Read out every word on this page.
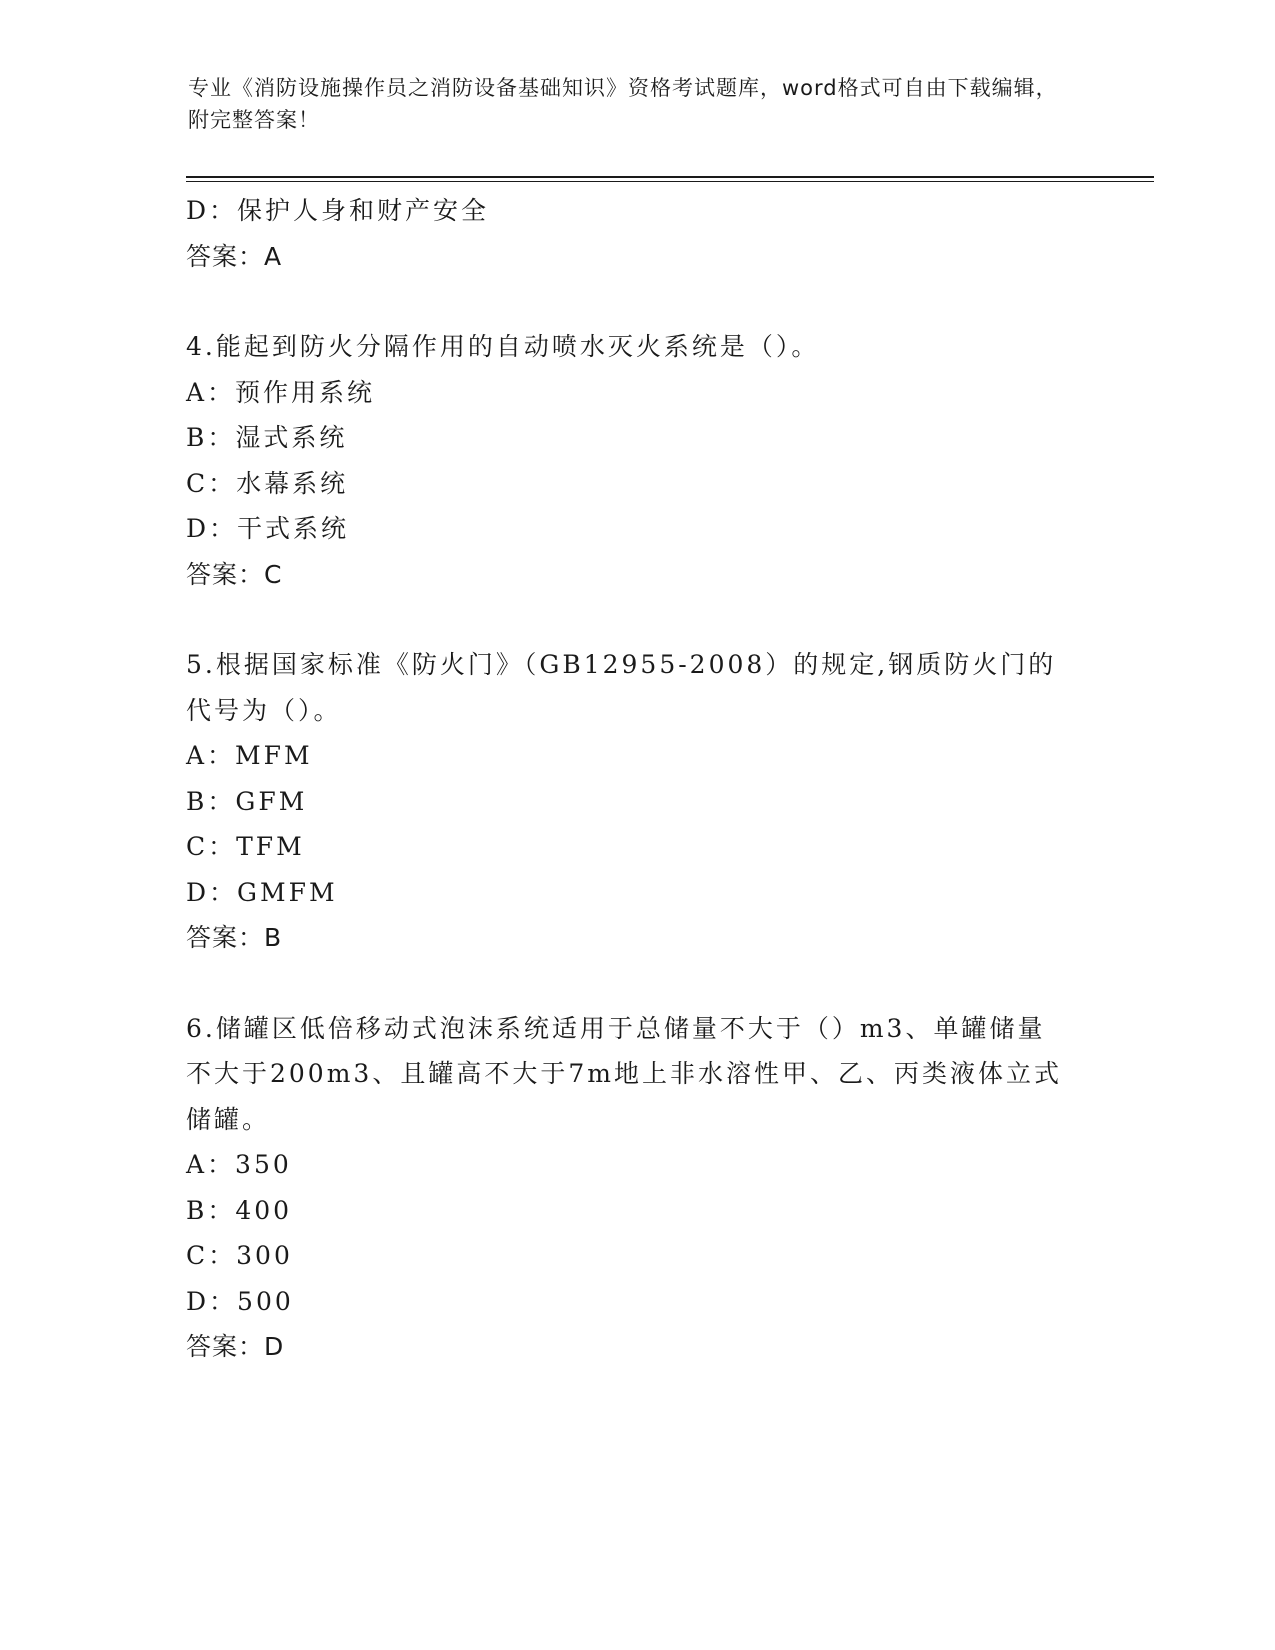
专业《消防设施操作员之消防设备基础知识》资格考试题库，word格式可自由下载编辑，附完整答案！
D：保护人身和财产安全
答案：A
4.能起到防火分隔作用的自动喷水灭火系统是（）。
A：预作用系统
B：湿式系统
C：水幕系统
D：干式系统
答案：C
5.根据国家标准《防火门》（GB12955-2008）的规定,钢质防火门的代号为（）。
A：MFM
B：GFM
C：TFM
D：GMFM
答案：B
6.储罐区低倍移动式泡沫系统适用于总储量不大于（）m3、单罐储量不大于200m3、且罐高不大于7m地上非水溶性甲、乙、丙类液体立式储罐。
A：350
B：400
C：300
D：500
答案：D
